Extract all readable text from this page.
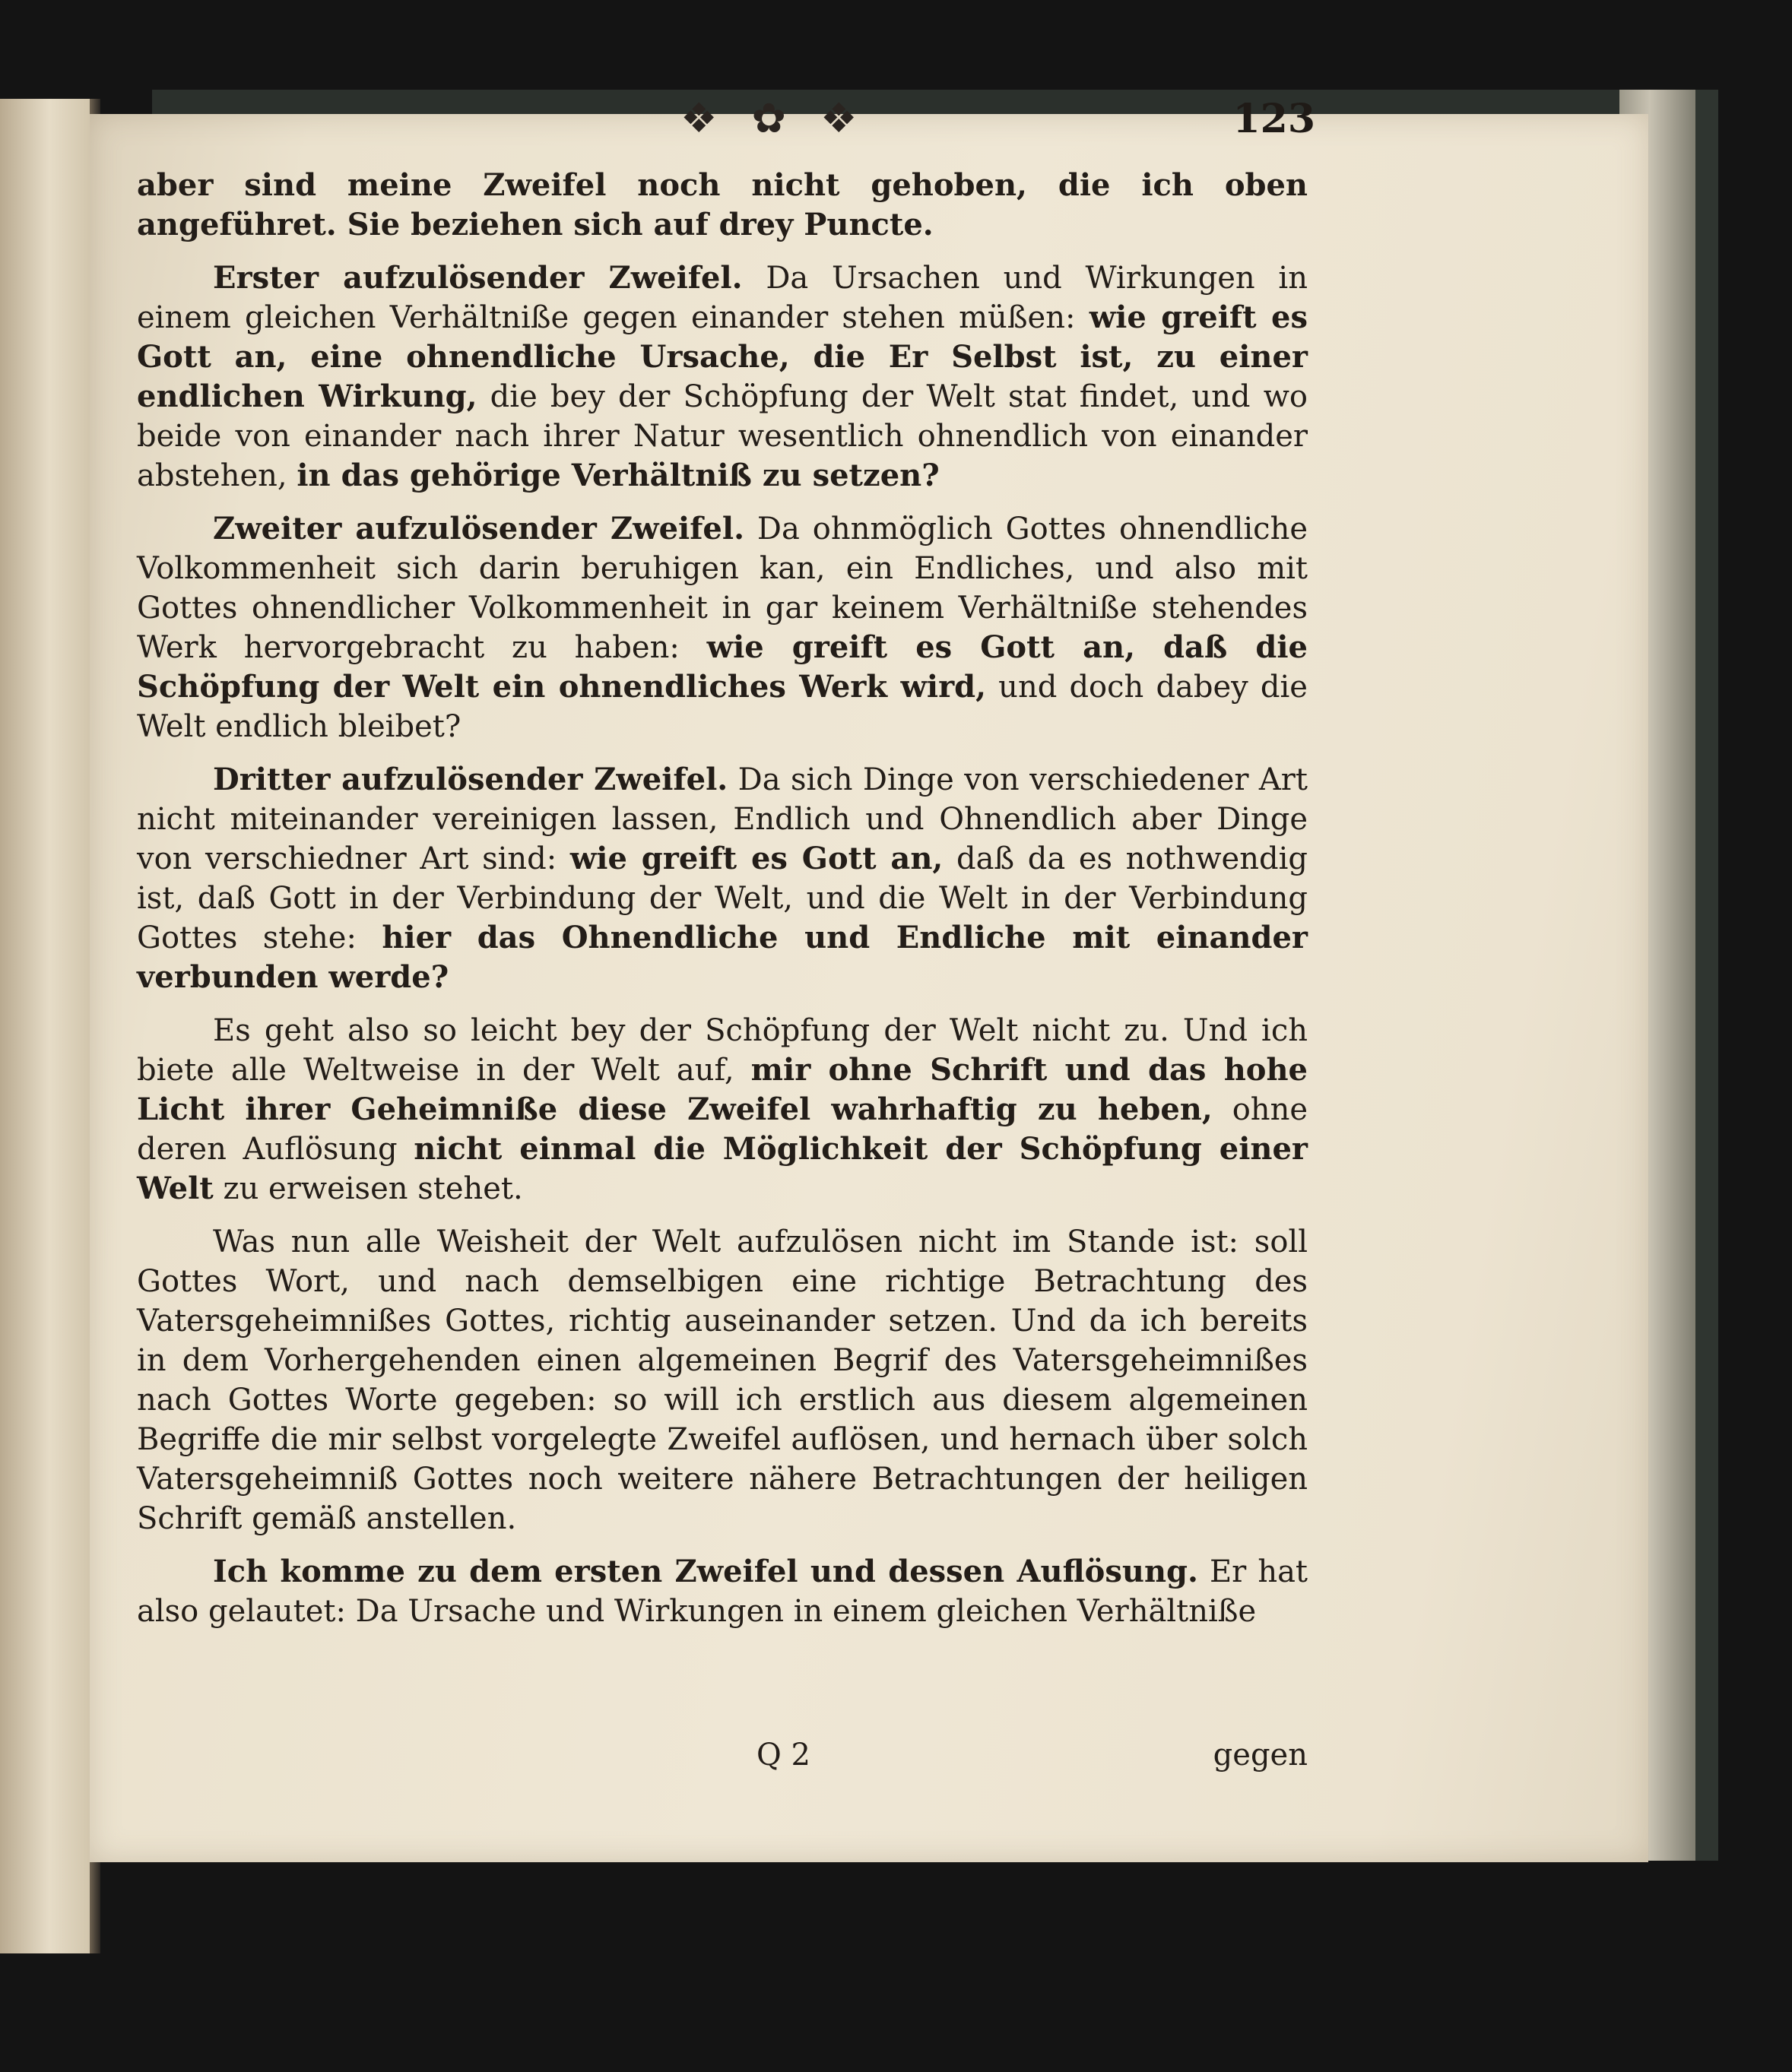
❖ ✿ ❖	123

aber sind meine Zweifel noch nicht gehoben, die ich oben angeführet. Sie beziehen sich auf drey Puncte.

Erster aufzulösender Zweifel. Da Ursachen und Wirkungen in einem gleichen Verhältniße gegen einander stehen müßen: wie greift es Gott an, eine ohnendliche Ursache, die Er Selbst ist, zu einer endlichen Wirkung, die bey der Schöpfung der Welt stat findet, und wo beide von einander nach ihrer Natur wesentlich ohnendlich von einander abstehen, in das gehörige Verhältniß zu setzen?

Zweiter aufzulösender Zweifel. Da ohnmöglich Gottes ohnendliche Volkommenheit sich darin beruhigen kan, ein Endliches, und also mit Gottes ohnendlicher Volkommenheit in gar keinem Verhältniße stehendes Werk hervorgebracht zu haben: wie greift es Gott an, daß die Schöpfung der Welt ein ohnendliches Werk wird, und doch dabey die Welt endlich bleibet?

Dritter aufzulösender Zweifel. Da sich Dinge von verschiedener Art nicht miteinander vereinigen lassen, Endlich und Ohnendlich aber Dinge von verschiedner Art sind: wie greift es Gott an, daß da es nothwendig ist, daß Gott in der Verbindung der Welt, und die Welt in der Verbindung Gottes stehe: hier das Ohnendliche und Endliche mit einander verbunden werde?

Es geht also so leicht bey der Schöpfung der Welt nicht zu. Und ich biete alle Weltweise in der Welt auf, mir ohne Schrift und das hohe Licht ihrer Geheimniße diese Zweifel wahrhaftig zu heben, ohne deren Auflösung nicht einmal die Möglichkeit der Schöpfung einer Welt zu erweisen stehet.

Was nun alle Weisheit der Welt aufzulösen nicht im Stande ist: soll Gottes Wort, und nach demselbigen eine richtige Betrachtung des Vatersgeheimnißes Gottes, richtig auseinander setzen. Und da ich bereits in dem Vorhergehenden einen algemeinen Begrif des Vatersgeheimnißes nach Gottes Worte gegeben: so will ich erstlich aus diesem algemeinen Begriffe die mir selbst vorgelegte Zweifel auflösen, und hernach über solch Vatersgeheimniß Gottes noch weitere nähere Betrachtungen der heiligen Schrift gemäß anstellen.

Ich komme zu dem ersten Zweifel und dessen Auflösung. Er hat also gelautet: Da Ursache und Wirkungen in einem gleichen Verhältniße

Q 2	gegen
